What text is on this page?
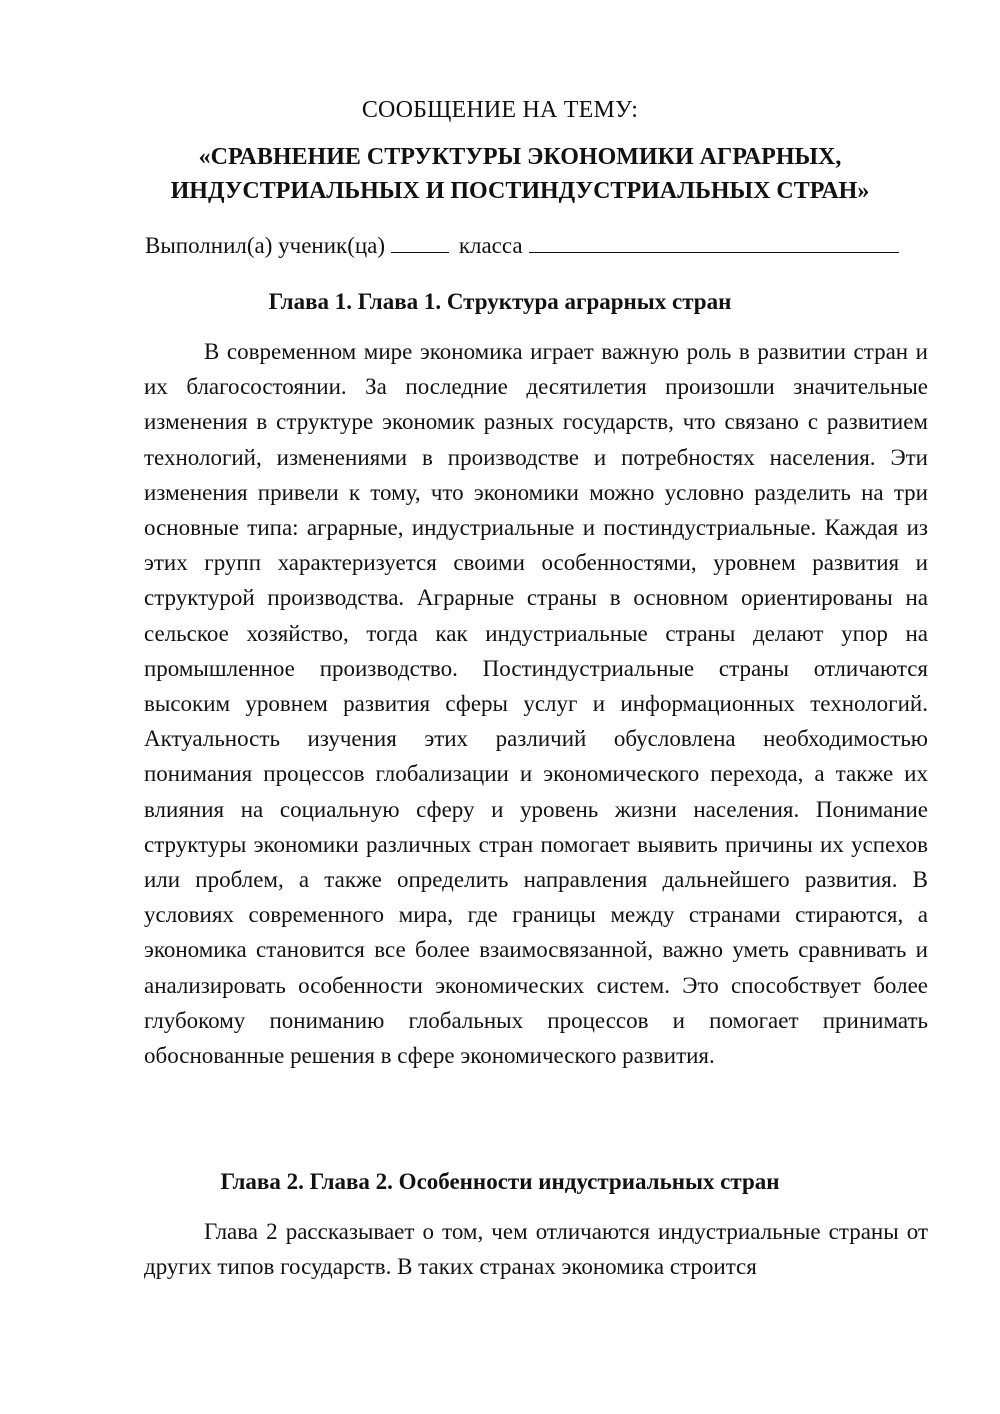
СООБЩЕНИЕ НА ТЕМУ:
«СРАВНЕНИЕ СТРУКТУРЫ ЭКОНОМИКИ АГРАРНЫХ, ИНДУСТРИАЛЬНЫХ И ПОСТИНДУСТРИАЛЬНЫХ СТРАН»
Выполнил(а) ученик(ца)	класса
Глава 1. Глава 1. Структура аграрных стран

В современном мире экономика играет важную роль в развитии стран и их благосостоянии. За последние десятилетия произошли значительные изменения в структуре экономик разных государств, что связано с развитием технологий, изменениями в производстве и потребностях населения. Эти изменения привели к тому, что экономики можно условно разделить на три основные типа: аграрные, индустриальные и постиндустриальные. Каждая из этих групп характеризуется своими особенностями, уровнем развития и структурой производства. Аграрные страны в основном ориентированы на сельское хозяйство, тогда как индустриальные страны делают упор на промышленное производство. Постиндустриальные страны отличаются высоким уровнем развития сферы услуг и информационных технологий. Актуальность изучения этих различий обусловлена необходимостью понимания процессов глобализации и экономического перехода, а также их влияния на социальную сферу и уровень жизни населения. Понимание структуры экономики различных стран помогает выявить причины их успехов или проблем, а также определить направления дальнейшего развития. В условиях современного мира, где границы между странами стираются, а экономика становится все более взаимосвязанной, важно уметь сравнивать и анализировать особенности экономических систем. Это способствует более глубокому пониманию глобальных процессов и помогает принимать обоснованные решения в сфере экономического развития.

Глава 2. Глава 2. Особенности индустриальных стран

Глава 2 рассказывает о том, чем отличаются индустриальные страны от других типов государств. В таких странах экономика строится
